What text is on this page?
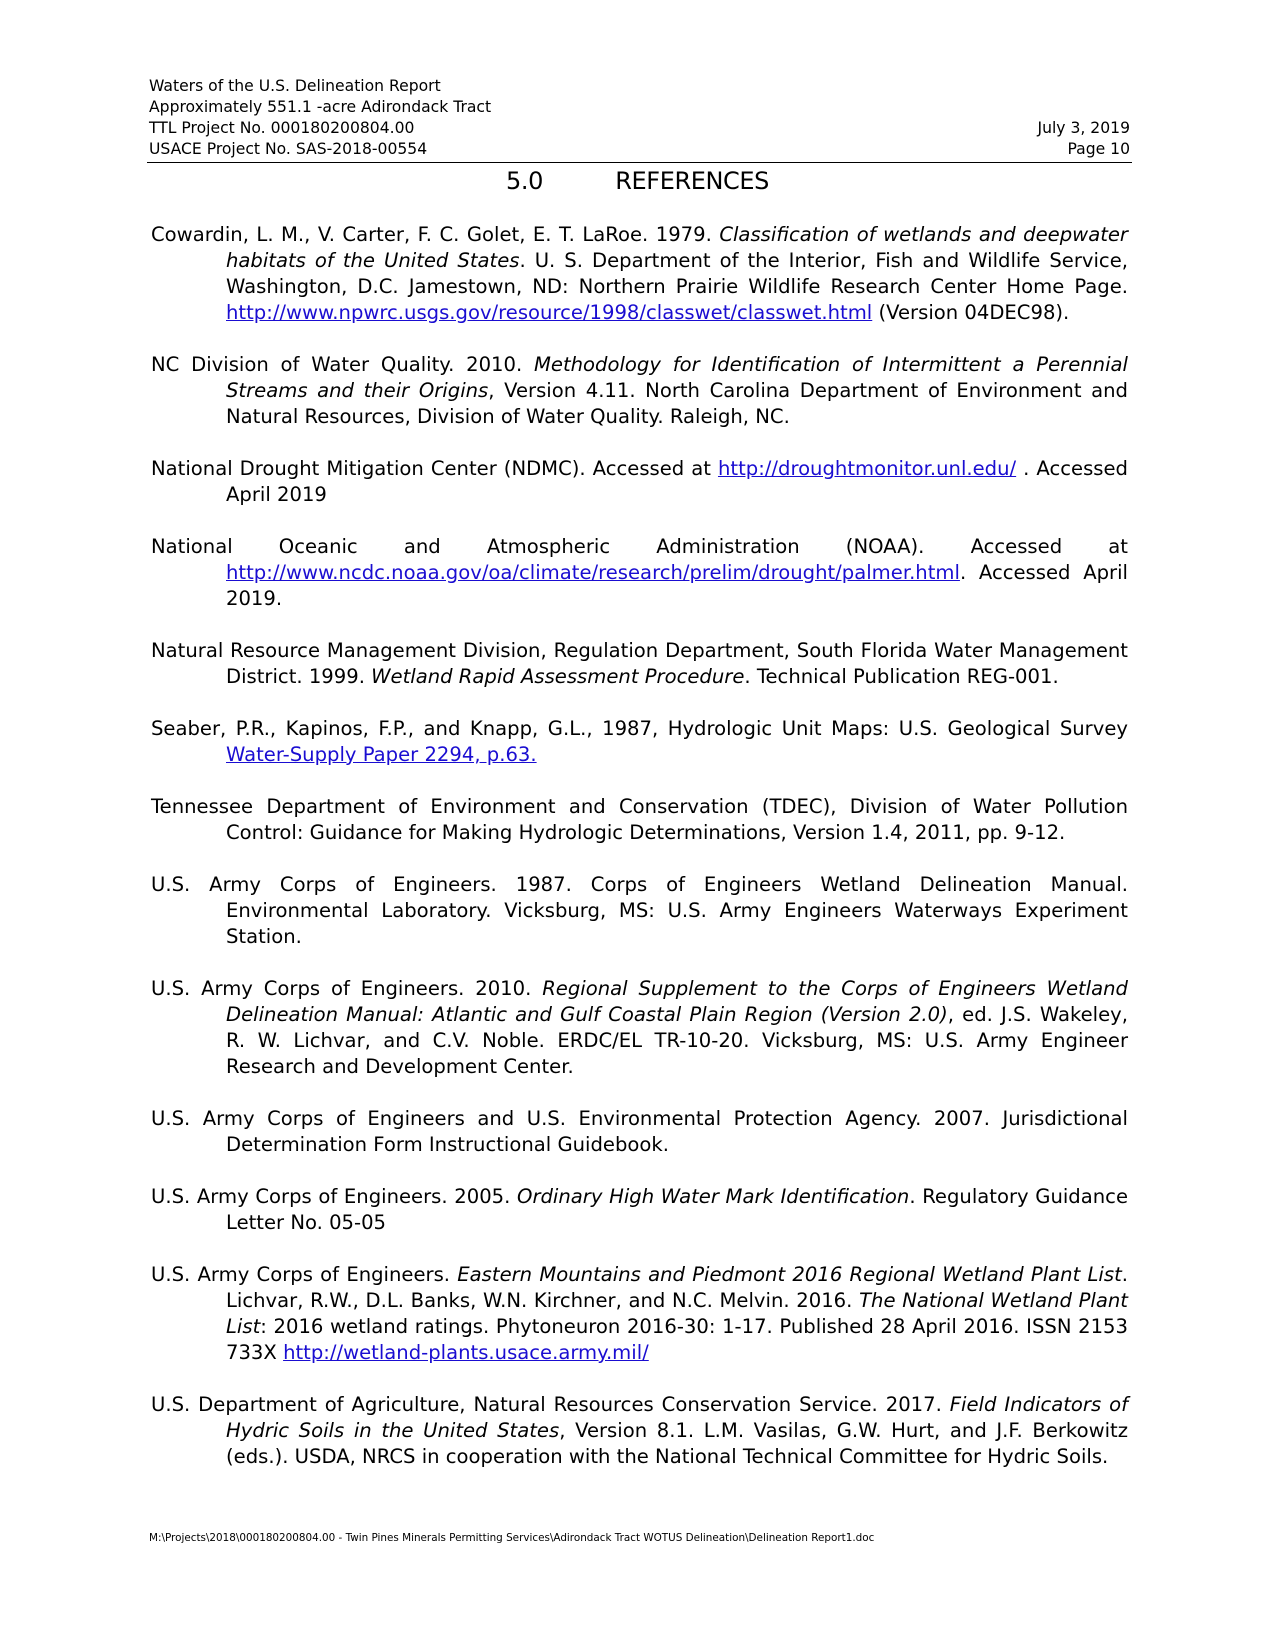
Waters of the U.S. Delineation Report
Approximately 551.1 -acre Adirondack Tract
TTL Project No. 000180200804.00	July 3, 2019
USACE Project No. SAS-2018-00554	Page 10
5.0	REFERENCES

Cowardin, L. M., V. Carter, F. C. Golet, E. T. LaRoe. 1979. Classification of wetlands and deepwater habitats of the United States. U. S. Department of the Interior, Fish and Wildlife Service, Washington, D.C. Jamestown, ND: Northern Prairie Wildlife Research Center Home Page. http://www.npwrc.usgs.gov/resource/1998/classwet/classwet.html (Version 04DEC98).

NC Division of Water Quality. 2010. Methodology for Identification of Intermittent a Perennial Streams and their Origins, Version 4.11. North Carolina Department of Environment and Natural Resources, Division of Water Quality. Raleigh, NC.

National Drought Mitigation Center (NDMC). Accessed at http://droughtmonitor.unl.edu/ . Accessed April 2019

National Oceanic and Atmospheric Administration (NOAA). Accessed at http://www.ncdc.noaa.gov/oa/climate/research/prelim/drought/palmer.html. Accessed April 2019.

Natural Resource Management Division, Regulation Department, South Florida Water Management District. 1999. Wetland Rapid Assessment Procedure. Technical Publication REG-001.

Seaber, P.R., Kapinos, F.P., and Knapp, G.L., 1987, Hydrologic Unit Maps: U.S. Geological Survey Water-Supply Paper 2294, p.63.

Tennessee Department of Environment and Conservation (TDEC), Division of Water Pollution Control: Guidance for Making Hydrologic Determinations, Version 1.4, 2011, pp. 9-12.

U.S. Army Corps of Engineers. 1987. Corps of Engineers Wetland Delineation Manual. Environmental Laboratory. Vicksburg, MS: U.S. Army Engineers Waterways Experiment Station.

U.S. Army Corps of Engineers. 2010. Regional Supplement to the Corps of Engineers Wetland Delineation Manual: Atlantic and Gulf Coastal Plain Region (Version 2.0), ed. J.S. Wakeley, R. W. Lichvar, and C.V. Noble. ERDC/EL TR-10-20. Vicksburg, MS: U.S. Army Engineer Research and Development Center.

U.S. Army Corps of Engineers and U.S. Environmental Protection Agency. 2007. Jurisdictional Determination Form Instructional Guidebook.

U.S. Army Corps of Engineers. 2005. Ordinary High Water Mark Identification. Regulatory Guidance Letter No. 05-05

U.S. Army Corps of Engineers. Eastern Mountains and Piedmont 2016 Regional Wetland Plant List. Lichvar, R.W., D.L. Banks, W.N. Kirchner, and N.C. Melvin. 2016. The National Wetland Plant List: 2016 wetland ratings. Phytoneuron 2016-30: 1-17. Published 28 April 2016. ISSN 2153 733X http://wetland-plants.usace.army.mil/

U.S. Department of Agriculture, Natural Resources Conservation Service. 2017. Field Indicators of Hydric Soils in the United States, Version 8.1. L.M. Vasilas, G.W. Hurt, and J.F. Berkowitz (eds.). USDA, NRCS in cooperation with the National Technical Committee for Hydric Soils.

M:\Projects\2018\000180200804.00 - Twin Pines Minerals Permitting Services\Adirondack Tract WOTUS Delineation\Delineation Report1.doc
